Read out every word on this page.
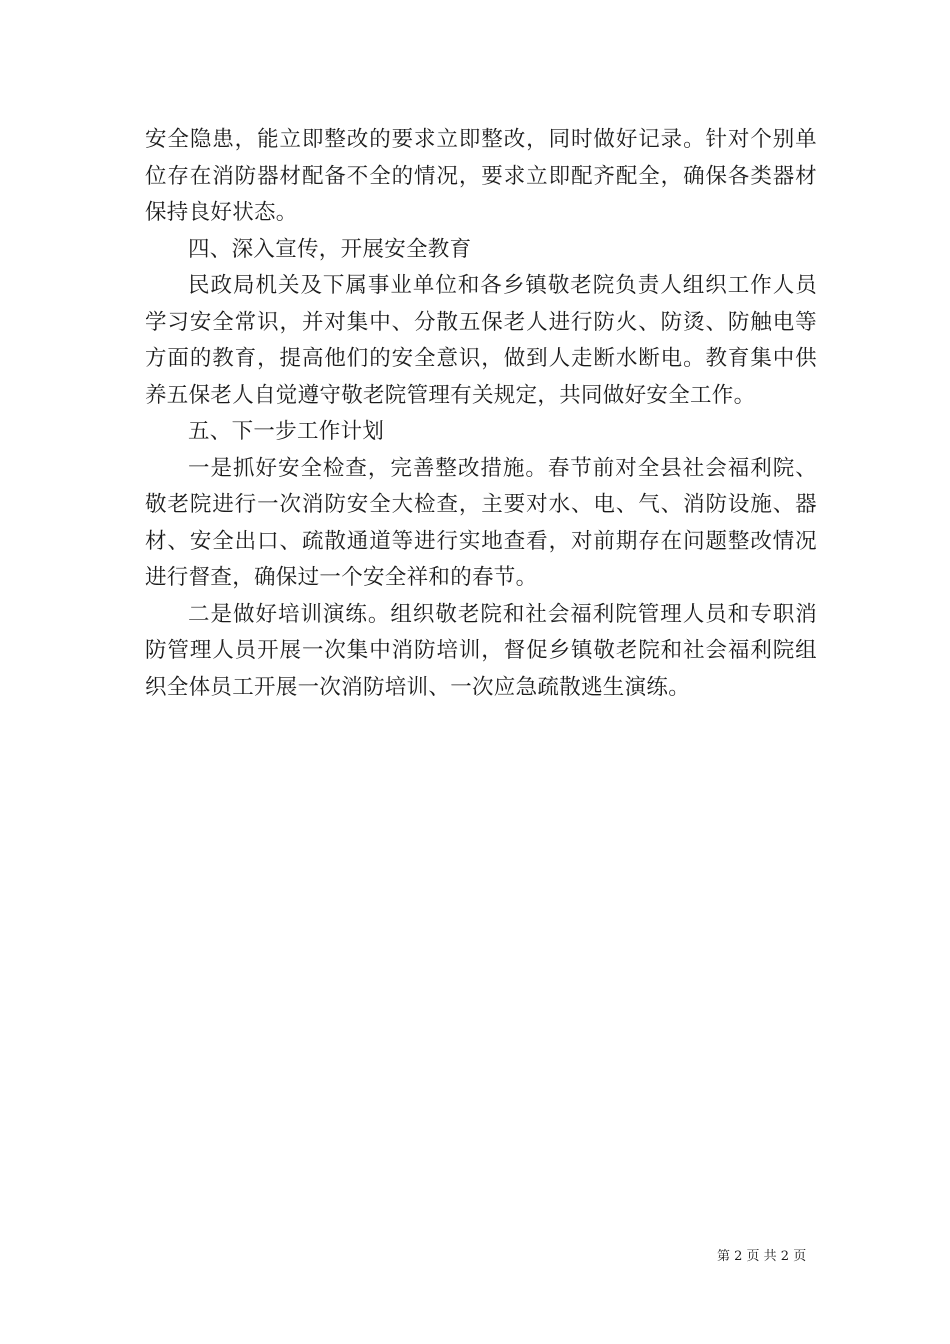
安全隐患，能立即整改的要求立即整改，同时做好记录。针对个别单位存在消防器材配备不全的情况，要求立即配齐配全，确保各类器材保持良好状态。

四、深入宣传，开展安全教育

民政局机关及下属事业单位和各乡镇敬老院负责人组织工作人员学习安全常识，并对集中、分散五保老人进行防火、防烫、防触电等方面的教育，提高他们的安全意识，做到人走断水断电。教育集中供养五保老人自觉遵守敬老院管理有关规定，共同做好安全工作。

五、下一步工作计划

一是抓好安全检查，完善整改措施。春节前对全县社会福利院、敬老院进行一次消防安全大检查，主要对水、电、气、消防设施、器材、安全出口、疏散通道等进行实地查看，对前期存在问题整改情况进行督查，确保过一个安全祥和的春节。

二是做好培训演练。组织敬老院和社会福利院管理人员和专职消防管理人员开展一次集中消防培训，督促乡镇敬老院和社会福利院组织全体员工开展一次消防培训、一次应急疏散逃生演练。

第 2 页 共 2 页
